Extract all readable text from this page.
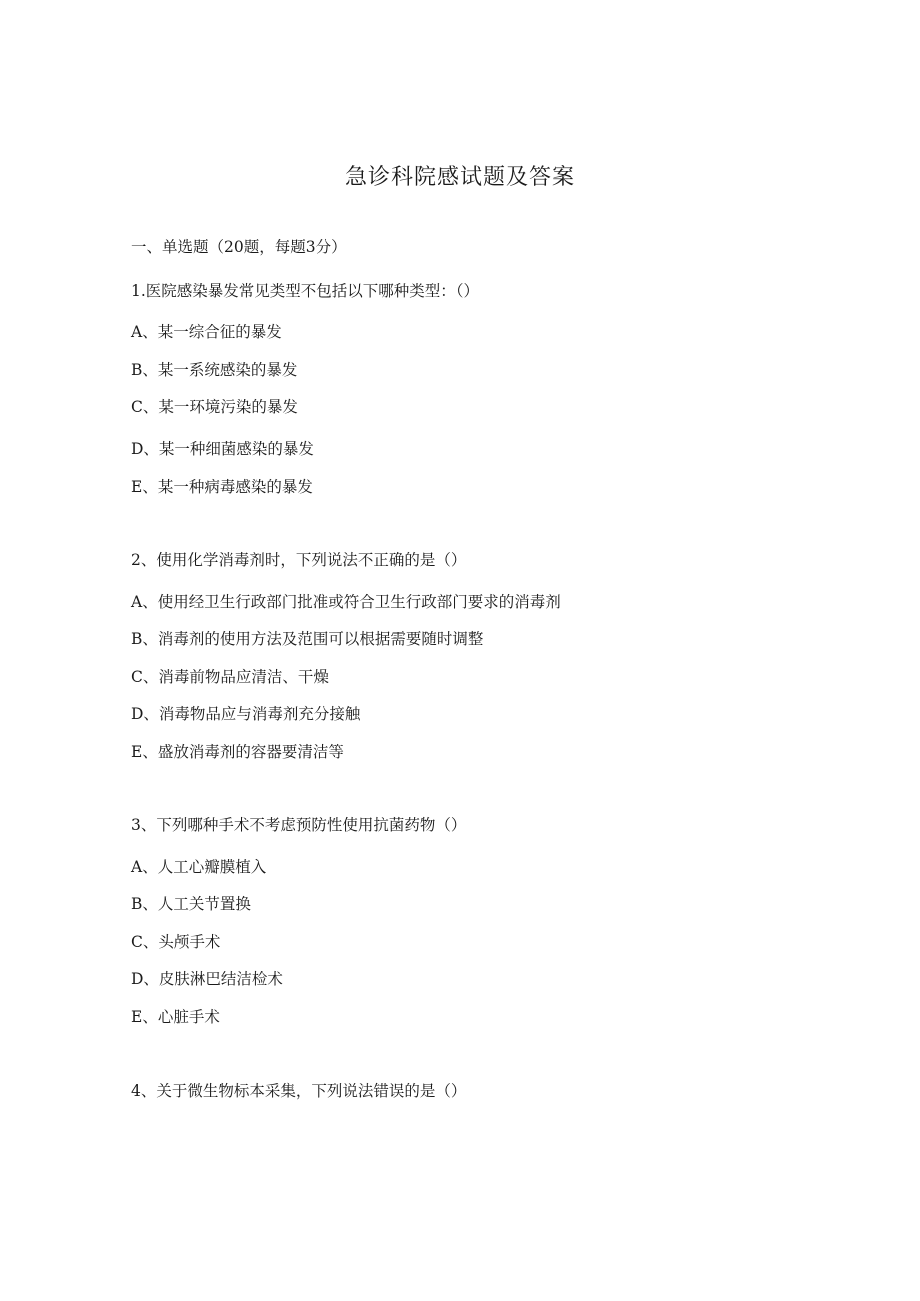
急诊科院感试题及答案
一、单选题（20题，每题3分）
1.医院感染暴发常见类型不包括以下哪种类型：（）
A、某一综合征的暴发
B、某一系统感染的暴发
C、某一环境污染的暴发
D、某一种细菌感染的暴发
E、某一种病毒感染的暴发
2、使用化学消毒剂时，下列说法不正确的是（）
A、使用经卫生行政部门批准或符合卫生行政部门要求的消毒剂
B、消毒剂的使用方法及范围可以根据需要随时调整
C、消毒前物品应清洁、干燥
D、消毒物品应与消毒剂充分接触
E、盛放消毒剂的容器要清洁等
3、下列哪种手术不考虑预防性使用抗菌药物（）
A、人工心瓣膜植入
B、人工关节置换
C、头颅手术
D、皮肤淋巴结洁检术
E、心脏手术
4、关于微生物标本采集，下列说法错误的是（）
